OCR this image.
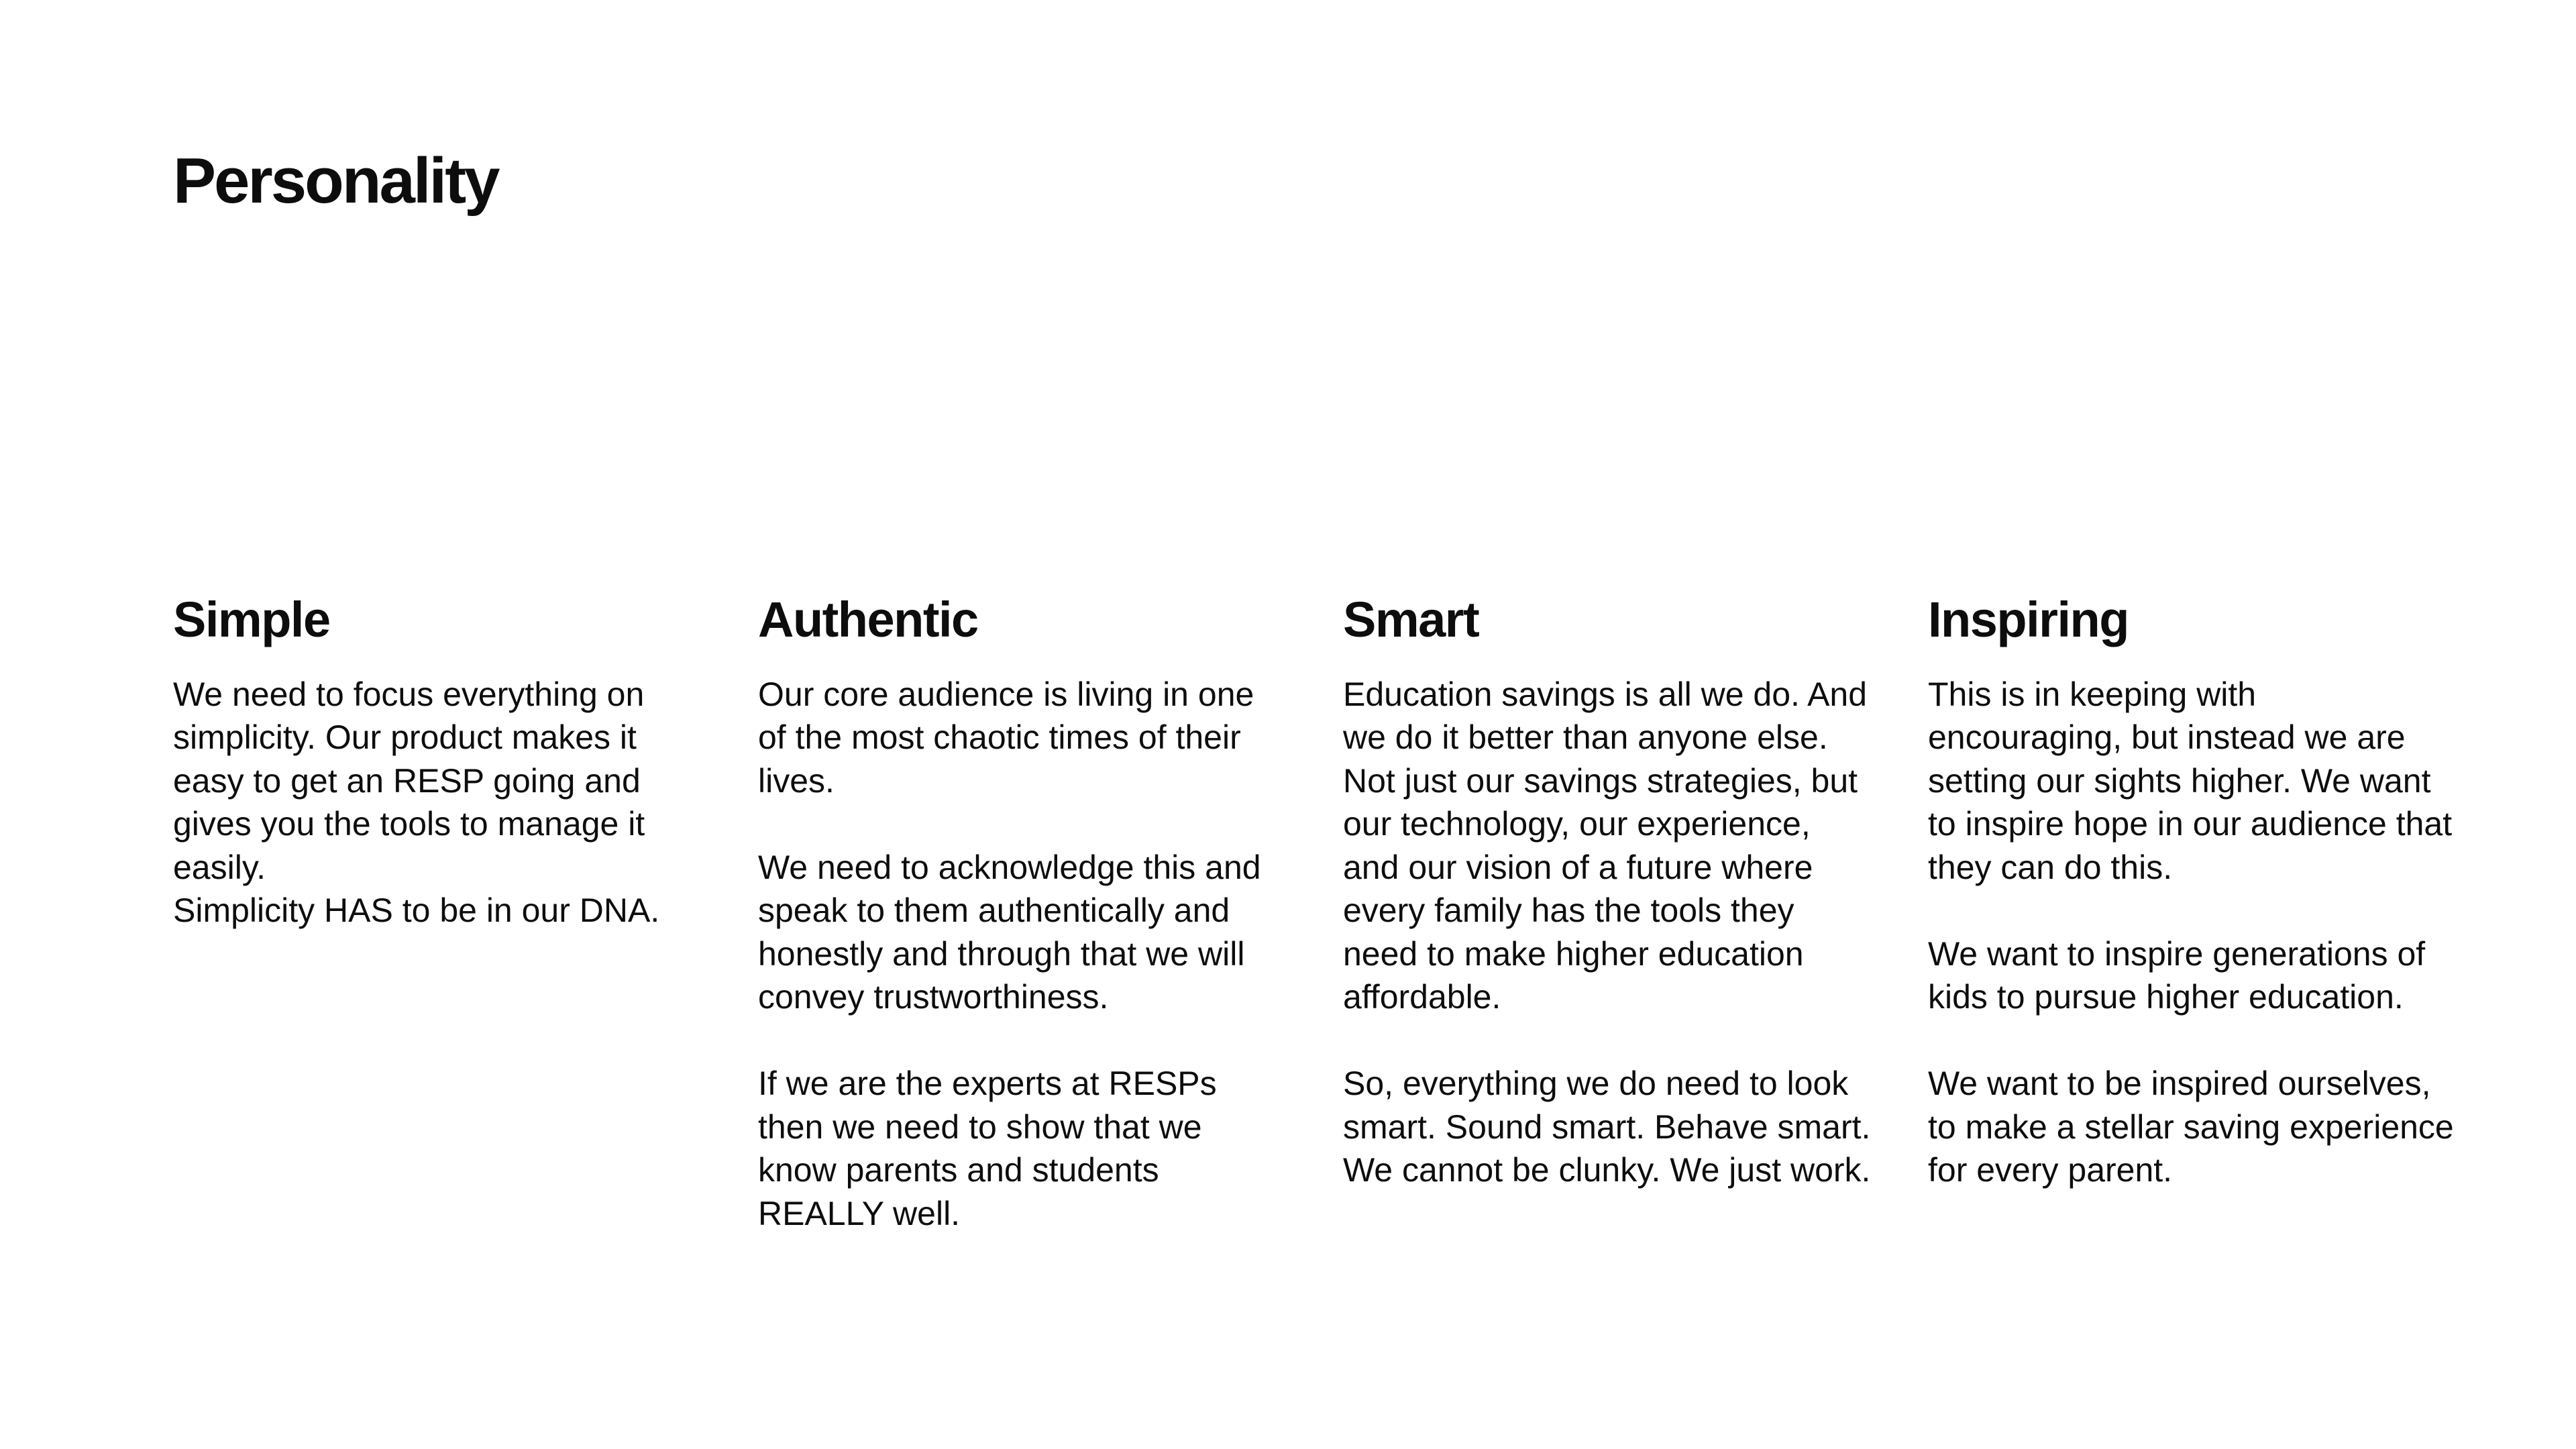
Personality
Simple

We need to focus everything on simplicity. Our product makes it easy to get an RESP going and gives you the tools to manage it easily.

Simplicity HAS to be in our DNA.

Authentic

Our core audience is living in one of the most chaotic times of their lives.

We need to acknowledge this and speak to them authentically and honestly and through that we will convey trustworthiness.

If we are the experts at RESPs then we need to show that we know parents and students REALLY well.

Smart

Education savings is all we do. And we do it better than anyone else. Not just our savings strategies, but our technology, our experience, and our vision of a future where every family has the tools they need to make higher education affordable.

So, everything we do need to look smart. Sound smart. Behave smart. We cannot be clunky. We just work.

Inspiring

This is in keeping with encouraging, but instead we are setting our sights higher. We want to inspire hope in our audience that they can do this.

We want to inspire generations of kids to pursue higher education.

We want to be inspired ourselves, to make a stellar saving experience for every parent.
